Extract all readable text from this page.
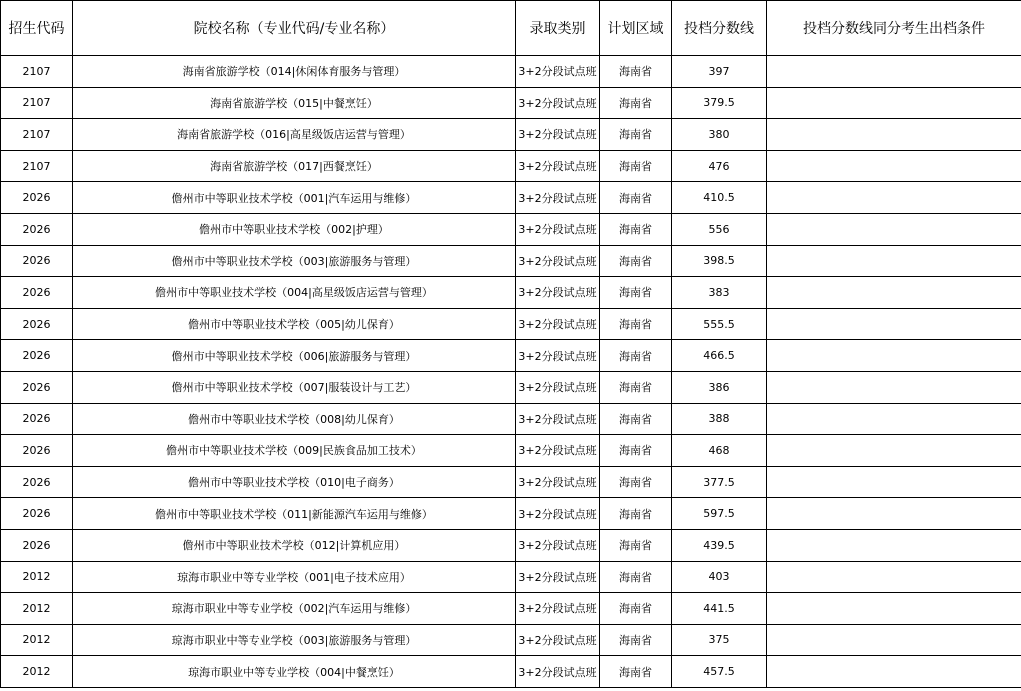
招生代码	院校名称（专业代码/专业名称）	录取类别	计划区域	投档分数线	投档分数线同分考生出档条件
2107	海南省旅游学校（014|休闲体育服务与管理）	3+2分段试点班	海南省	397	
2107	海南省旅游学校（015|中餐烹饪）	3+2分段试点班	海南省	379.5	
2107	海南省旅游学校（016|高星级饭店运营与管理）	3+2分段试点班	海南省	380	
2107	海南省旅游学校（017|西餐烹饪）	3+2分段试点班	海南省	476	
2026	儋州市中等职业技术学校（001|汽车运用与维修）	3+2分段试点班	海南省	410.5	
2026	儋州市中等职业技术学校（002|护理）	3+2分段试点班	海南省	556	
2026	儋州市中等职业技术学校（003|旅游服务与管理）	3+2分段试点班	海南省	398.5	
2026	儋州市中等职业技术学校（004|高星级饭店运营与管理）	3+2分段试点班	海南省	383	
2026	儋州市中等职业技术学校（005|幼儿保育）	3+2分段试点班	海南省	555.5	
2026	儋州市中等职业技术学校（006|旅游服务与管理）	3+2分段试点班	海南省	466.5	
2026	儋州市中等职业技术学校（007|服装设计与工艺）	3+2分段试点班	海南省	386	
2026	儋州市中等职业技术学校（008|幼儿保育）	3+2分段试点班	海南省	388	
2026	儋州市中等职业技术学校（009|民族食品加工技术）	3+2分段试点班	海南省	468	
2026	儋州市中等职业技术学校（010|电子商务）	3+2分段试点班	海南省	377.5	
2026	儋州市中等职业技术学校（011|新能源汽车运用与维修）	3+2分段试点班	海南省	597.5	
2026	儋州市中等职业技术学校（012|计算机应用）	3+2分段试点班	海南省	439.5	
2012	琼海市职业中等专业学校（001|电子技术应用）	3+2分段试点班	海南省	403	
2012	琼海市职业中等专业学校（002|汽车运用与维修）	3+2分段试点班	海南省	441.5	
2012	琼海市职业中等专业学校（003|旅游服务与管理）	3+2分段试点班	海南省	375	
2012	琼海市职业中等专业学校（004|中餐烹饪）	3+2分段试点班	海南省	457.5	
